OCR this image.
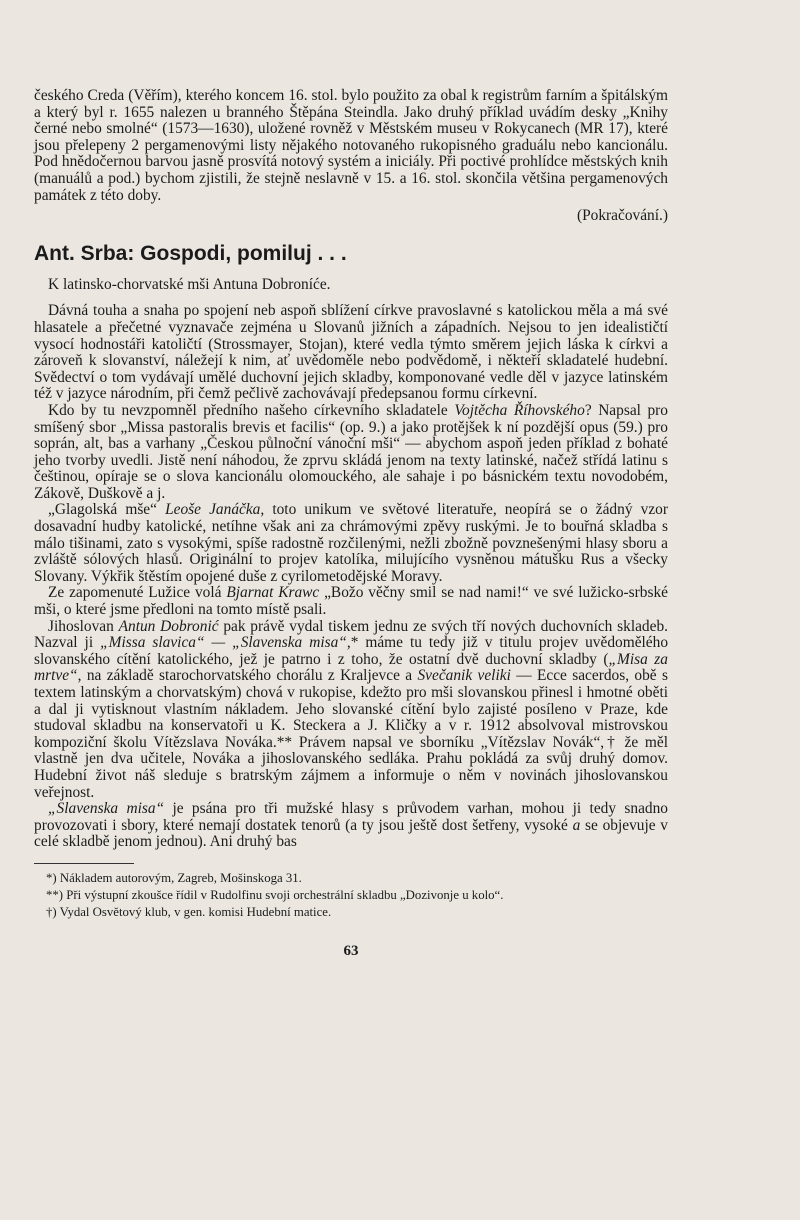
českého Creda (Věřím), kterého koncem 16. stol. bylo použito za obal k registrům farním a špitálským a který byl r. 1655 nalezen u branného Štěpána Steindla. Jako druhý příklad uvádím desky „Knihy černé nebo smolné“ (1573—1630), uložené rovněž v Městském museu v Rokycanech (MR 17), které jsou přelepeny 2 pergamenovými listy nějakého notovaného rukopisného graduálu nebo kancionálu. Pod hnědočernou barvou jasně prosvítá notový systém a iniciály. Při poctivé prohlídce městských knih (manuálů a pod.) bychom zjistili, že stejně neslavně v 15. a 16. stol. skončila většina pergamenových památek z této doby.

(Pokračování.)
Ant. Srba: Gospodi, pomiluj . . .

K latinsko-chorvatské mši Antuna Dobroníće.

Dávná touha a snaha po spojení neb aspoň sblížení církve pravoslavné s katolickou měla a má své hlasatele a přečetné vyznavače zejména u Slovanů jižních a západních. Nejsou to jen idealističtí vysocí hodnostáři katoličtí (Strossmayer, Stojan), které vedla týmto směrem jejich láska k církvi a zároveň k slovanství, náležejí k nim, ať uvědoměle nebo podvědomě, i někteří skladatelé hudební. Svědectví o tom vydávají umělé duchovní jejich skladby, komponované vedle děl v jazyce latinském též v jazyce národním, při čemž pečlivě zachovávají předepsanou formu církevní.

Kdo by tu nevzpomněl předního našeho církevního skladatele Vojtěcha Říhovského? Napsal pro smíšený sbor „Missa pastoralis brevis et facilis“ (op. 9.) a jako protějšek k ní pozdější opus (59.) pro soprán, alt, bas a varhany „Českou půlnoční vánoční mši“ — abychom aspoň jeden příklad z bohaté jeho tvorby uvedli. Jistě není náhodou, že zprvu skládá jenom na texty latinské, načež střídá latinu s češtinou, opíraje se o slova kancionálu olomouckého, ale sahaje i po básnickém textu novodobém, Zákově, Duškově a j.

„Glagolská mše“ Leoše Janáčka, toto unikum ve světové literatuře, neopírá se o žádný vzor dosavadní hudby katolické, netíhne však ani za chrámovými zpěvy ruskými. Je to bouřná skladba s málo tišinami, zato s vysokými, spíše radostně rozčilenými, nežli zbožně povznešenými hlasy sboru a zvláště sólových hlasů. Originální to projev katolíka, milujícího vysněnou mátušku Rus a všecky Slovany. Výkřik štěstím opojené duše z cyrilometodějské Moravy.

Ze zapomenuté Lužice volá Bjarnat Krawc „Božo věčny smil se nad nami!“ ve své lužicko-srbské mši, o které jsme předloni na tomto místě psali.

Jihoslovan Antun Dobronić pak právě vydal tiskem jednu ze svých tří nových duchovních skladeb. Nazval ji „Missa slavica“ — „Slavenska misa“,* máme tu tedy již v titulu projev uvědomělého slovanského cítění katolického, jež je patrno i z toho, že ostatní dvě duchovní skladby („Misa za mrtve“, na základě starochorvatského chorálu z Kraljevce a Svečanik veliki — Ecce sacerdos, obě s textem latinským a chorvatským) chová v rukopise, kdežto pro mši slovanskou přinesl i hmotné oběti a dal ji vytisknout vlastním nákladem. Jeho slovanské cítění bylo zajisté posíleno v Praze, kde studoval skladbu na konservatoři u K. Steckera a J. Kličky a v r. 1912 absolvoval mistrovskou kompoziční školu Vítězslava Nováka.** Právem napsal ve sborníku „Vítězslav Novák“,† že měl vlastně jen dva učitele, Nováka a jihoslovanského sedláka. Prahu pokládá za svůj druhý domov. Hudební život náš sleduje s bratrským zájmem a informuje o něm v novinách jihoslovanskou veřejnost.

„Slavenska misa“ je psána pro tři mužské hlasy s průvodem varhan, mohou ji tedy snadno provozovati i sbory, které nemají dostatek tenorů (a ty jsou ještě dost šetřeny, vysoké a se objevuje v celé skladbě jenom jednou). Ani druhý bas

*) Nákladem autorovým, Zagreb, Mošinskoga 31.
**) Při výstupní zkoušce řídil v Rudolfinu svoji orchestrální skladbu „Dozivonje u kolo“.
†) Vydal Osvětový klub, v gen. komisi Hudební matice.
63
